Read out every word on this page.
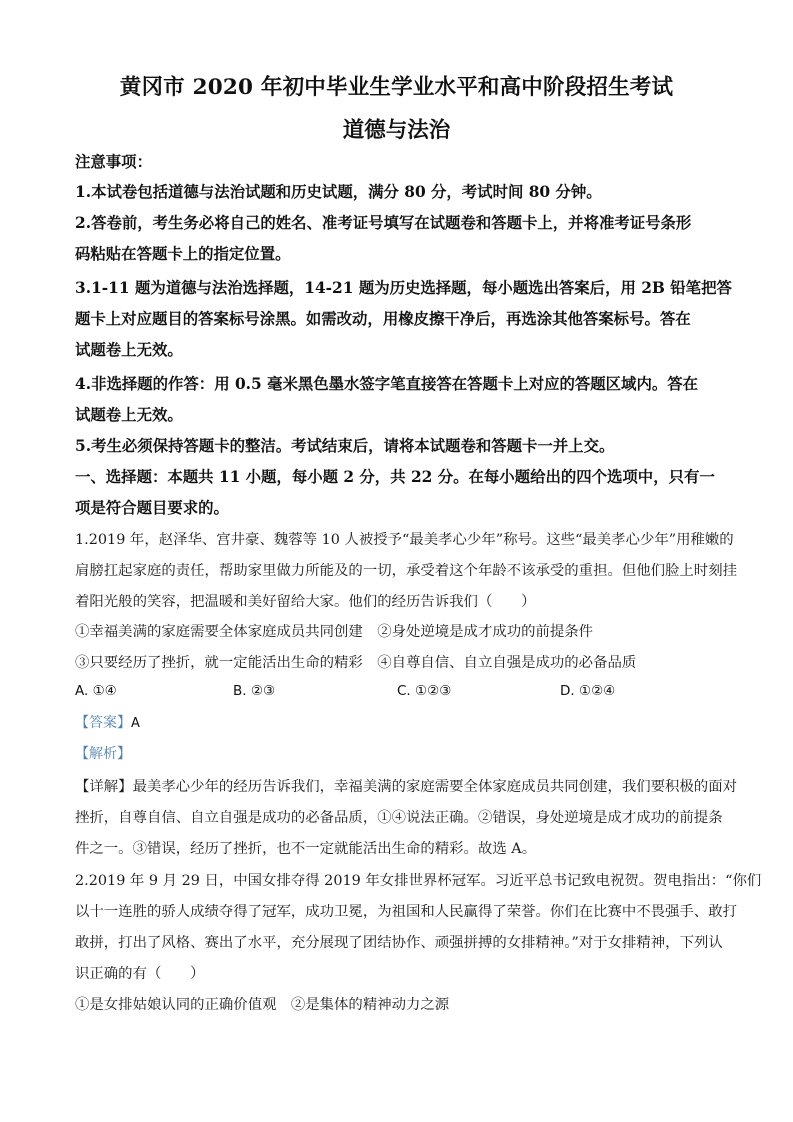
黄冈市 2020 年初中毕业生学业水平和高中阶段招生考试
道德与法治
注意事项：
1.本试卷包括道德与法治试题和历史试题，满分 80 分，考试时间 80 分钟。
2.答卷前，考生务必将自己的姓名、准考证号填写在试题卷和答题卡上，并将准考证号条形
码粘贴在答题卡上的指定位置。
3.1-11 题为道德与法治选择题，14-21 题为历史选择题，每小题选出答案后，用 2B 铅笔把答
题卡上对应题目的答案标号涂黑。如需改动，用橡皮擦干净后，再选涂其他答案标号。答在
试题卷上无效。
4.非选择题的作答：用 0.5 毫米黑色墨水签字笔直接答在答题卡上对应的答题区域内。答在
试题卷上无效。
5.考生必须保持答题卡的整洁。考试结束后，请将本试题卷和答题卡一并上交。
一、选择题：本题共 11 小题，每小题 2 分，共 22 分。在每小题给出的四个选项中，只有一
项是符合题目要求的。
1.2019 年，赵泽华、宫井豪、魏蓉等 10 人被授予“最美孝心少年”称号。这些“最美孝心少年”用稚嫩的
肩膀扛起家庭的责任，帮助家里做力所能及的一切，承受着这个年龄不该承受的重担。但他们脸上时刻挂
着阳光般的笑容，把温暖和美好留给大家。他们的经历告诉我们（　　）
①幸福美满的家庭需要全体家庭成员共同创建　②身处逆境是成才成功的前提条件
③只要经历了挫折，就一定能活出生命的精彩　④自尊自信、自立自强是成功的必备品质
A. ①④	B. ②③	C. ①②③	D. ①②④
【答案】A
【解析】
【详解】最美孝心少年的经历告诉我们，幸福美满的家庭需要全体家庭成员共同创建，我们要积极的面对
挫折，自尊自信、自立自强是成功的必备品质，①④说法正确。②错误，身处逆境是成才成功的前提条
件之一。③错误，经历了挫折，也不一定就能活出生命的精彩。故选 A。
2.2019 年 9 月 29 日，中国女排夺得 2019 年女排世界杯冠军。习近平总书记致电祝贺。贺电指出：“你们
以十一连胜的骄人成绩夺得了冠军，成功卫冕，为祖国和人民赢得了荣誉。你们在比赛中不畏强手、敢打
敢拼，打出了风格、赛出了水平，充分展现了团结协作、顽强拼搏的女排精神。”对于女排精神，下列认
识正确的有（　　）
①是女排姑娘认同的正确价值观　②是集体的精神动力之源
